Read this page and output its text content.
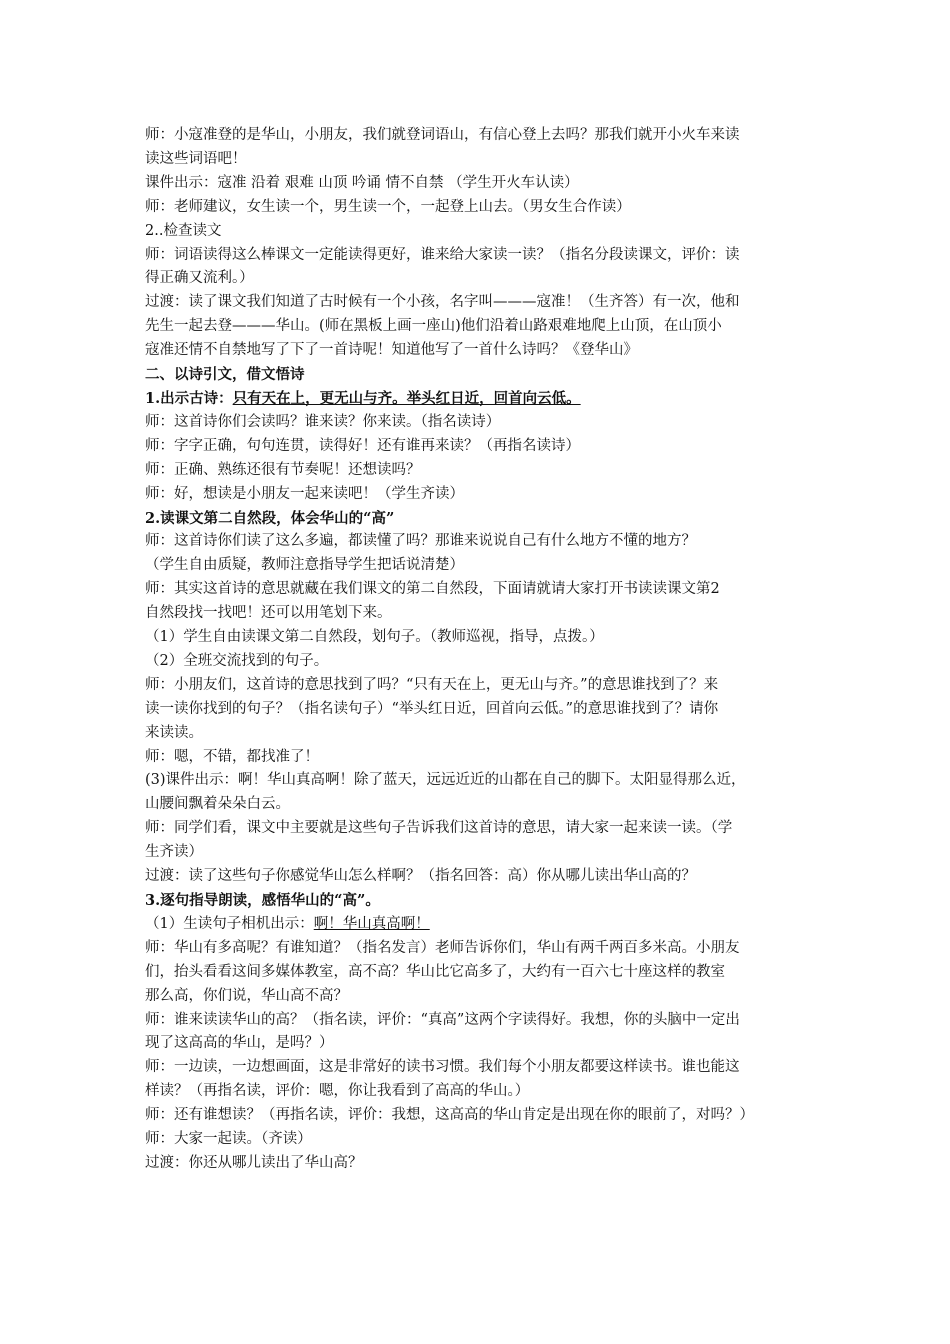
师：小寇准登的是华山，小朋友，我们就登词语山，有信心登上去吗？那我们就开小火车来读
读这些词语吧！
课件出示：寇准 沿着 艰难 山顶 吟诵 情不自禁 （学生开火车认读）
师：老师建议，女生读一个，男生读一个，一起登上山去。（男女生合作读）
2..检查读文
师：词语读得这么棒课文一定能读得更好，谁来给大家读一读？（指名分段读课文，评价：读
得正确又流利。）
过渡：读了课文我们知道了古时候有一个小孩，名字叫———寇准！（生齐答）有一次，他和
先生一起去登———华山。(师在黑板上画一座山)他们沿着山路艰难地爬上山顶，在山顶小
寇准还情不自禁地写了下了一首诗呢！知道他写了一首什么诗吗？《登华山》
二、以诗引文，借文悟诗
1.出示古诗：只有天在上，更无山与齐。举头红日近，回首向云低。
师：这首诗你们会读吗？谁来读？你来读。（指名读诗）
师：字字正确，句句连贯，读得好！还有谁再来读？（再指名读诗）
师：正确、熟练还很有节奏呢！还想读吗？
师：好，想读是小朋友一起来读吧！（学生齐读）
2.读课文第二自然段，体会华山的“高”
师：这首诗你们读了这么多遍，都读懂了吗？那谁来说说自己有什么地方不懂的地方？
（学生自由质疑，教师注意指导学生把话说清楚）
师：其实这首诗的意思就藏在我们课文的第二自然段，下面请就请大家打开书读读课文第2
自然段找一找吧！还可以用笔划下来。
（1）学生自由读课文第二自然段，划句子。（教师巡视，指导，点拨。）
（2）全班交流找到的句子。
师：小朋友们，这首诗的意思找到了吗？“只有天在上，更无山与齐。”的意思谁找到了？来
读一读你找到的句子？（指名读句子）“举头红日近，回首向云低。”的意思谁找到了？请你
来读读。
师：嗯，不错，都找准了！
(3)课件出示：啊！华山真高啊！除了蓝天，远远近近的山都在自己的脚下。太阳显得那么近，
山腰间飘着朵朵白云。
师：同学们看，课文中主要就是这些句子告诉我们这首诗的意思，请大家一起来读一读。（学
生齐读）
过渡：读了这些句子你感觉华山怎么样啊？（指名回答：高）你从哪儿读出华山高的？
3.逐句指导朗读，感悟华山的“高”。
（1）生读句子相机出示：啊！华山真高啊！
师：华山有多高呢？有谁知道？（指名发言）老师告诉你们，华山有两千两百多米高。小朋友
们，抬头看看这间多媒体教室，高不高？华山比它高多了，大约有一百六七十座这样的教室
那么高，你们说，华山高不高？
师：谁来读读华山的高？（指名读，评价：“真高”这两个字读得好。我想，你的头脑中一定出
现了这高高的华山，是吗？）
师：一边读，一边想画面，这是非常好的读书习惯。我们每个小朋友都要这样读书。谁也能这
样读？（再指名读，评价：嗯，你让我看到了高高的华山。）
师：还有谁想读？（再指名读，评价：我想，这高高的华山肯定是出现在你的眼前了，对吗？）
师：大家一起读。（齐读）
过渡：你还从哪儿读出了华山高？
